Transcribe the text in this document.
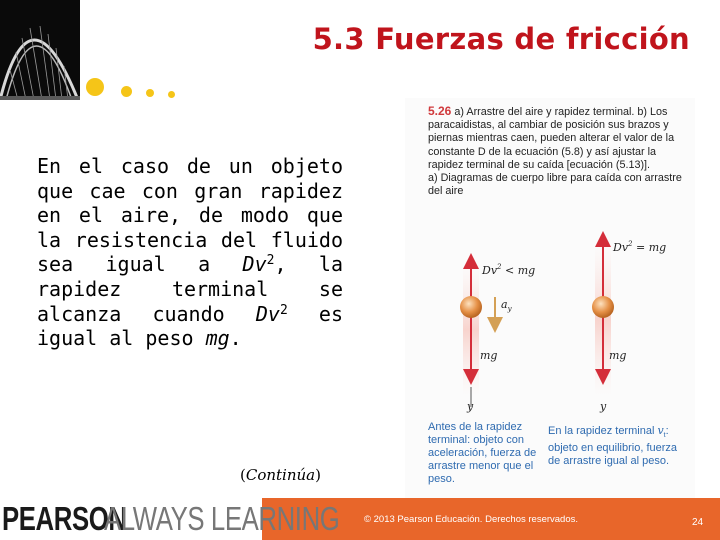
5.3 Fuerzas de fricción
En el caso de un objeto que cae con gran rapidez en el aire, de modo que la resistencia del fluido sea igual a Dv$^2$, la rapidez terminal se alcanza cuando Dv$^2$ es igual al peso mg.
(Continúa)
5.26 a) Arrastre del aire y rapidez terminal. b) Los paracaidistas, al cambiar de posición sus brazos y piernas mientras caen, pueden alterar el valor de la constante D de la ecuación (5.8) y así ajustar la rapidez terminal de su caída [ecuación (5.13)].
a) Diagramas de cuerpo libre para caída con arrastre del aire
$Dv^2$ < mg
$a_y$
mg
y
$Dv^2$ = mg
mg
y
Antes de la rapidez terminal: objeto con aceleración, fuerza de arrastre menor que el peso.
En la rapidez terminal $v_t$: objeto en equilibrio, fuerza de arrastre igual al peso.
PEARSON
ALWAYS LEARNING	© 2013 Pearson Educación. Derechos reservados.	24
